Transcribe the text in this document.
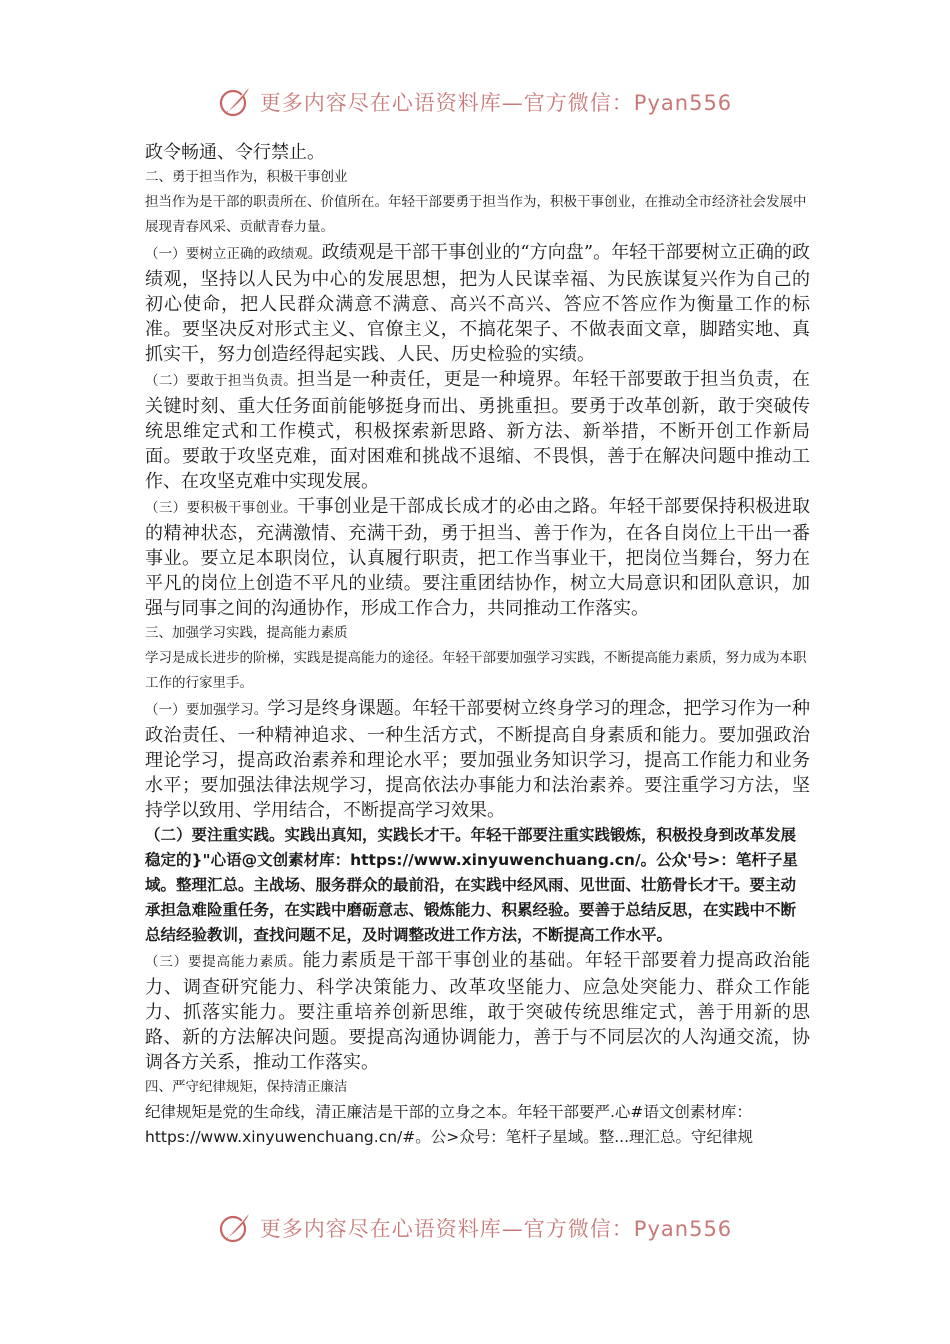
更多内容尽在心语资料库—官方微信：Pyan556

政令畅通、令行禁止。

二、勇于担当作为，积极干事创业

担当作为是干部的职责所在、价值所在。年轻干部要勇于担当作为，积极干事创业，在推动全市经济社会发展中展现青春风采、贡献青春力量。

（一）要树立正确的政绩观。政绩观是干部干事创业的“方向盘”。年轻干部要树立正确的政绩观，坚持以人民为中心的发展思想，把为人民谋幸福、为民族谋复兴作为自己的初心使命，把人民群众满意不满意、高兴不高兴、答应不答应作为衡量工作的标准。要坚决反对形式主义、官僚主义，不搞花架子、不做表面文章，脚踏实地、真抓实干，努力创造经得起实践、人民、历史检验的实绩。

（二）要敢于担当负责。担当是一种责任，更是一种境界。年轻干部要敢于担当负责，在关键时刻、重大任务面前能够挺身而出、勇挑重担。要勇于改革创新，敢于突破传统思维定式和工作模式，积极探索新思路、新方法、新举措，不断开创工作新局面。要敢于攻坚克难，面对困难和挑战不退缩、不畏惧，善于在解决问题中推动工作、在攻坚克难中实现发展。

（三）要积极干事创业。干事创业是干部成长成才的必由之路。年轻干部要保持积极进取的精神状态，充满激情、充满干劲，勇于担当、善于作为，在各自岗位上干出一番事业。要立足本职岗位，认真履行职责，把工作当事业干，把岗位当舞台，努力在平凡的岗位上创造不平凡的业绩。要注重团结协作，树立大局意识和团队意识，加强与同事之间的沟通协作，形成工作合力，共同推动工作落实。

三、加强学习实践，提高能力素质

学习是成长进步的阶梯，实践是提高能力的途径。年轻干部要加强学习实践，不断提高能力素质，努力成为本职工作的行家里手。

（一）要加强学习。学习是终身课题。年轻干部要树立终身学习的理念，把学习作为一种政治责任、一种精神追求、一种生活方式，不断提高自身素质和能力。要加强政治理论学习，提高政治素养和理论水平；要加强业务知识学习，提高工作能力和业务水平；要加强法律法规学习，提高依法办事能力和法治素养。要注重学习方法，坚持学以致用、学用结合，不断提高学习效果。

（二）要注重实践。实践出真知，实践长才干。年轻干部要注重实践锻炼，积极投身到改革发展稳定的}"心语@文创素材库：https://www.xinyuwenchuang.cn/。公众'号>：笔杆子星域。整理汇总。主战场、服务群众的最前沿，在实践中经风雨、见世面、壮筋骨长才干。要主动承担急难险重任务，在实践中磨砺意志、锻炼能力、积累经验。要善于总结反思，在实践中不断总结经验教训，查找问题不足，及时调整改进工作方法，不断提高工作水平。

（三）要提高能力素质。能力素质是干部干事创业的基础。年轻干部要着力提高政治能力、调查研究能力、科学决策能力、改革攻坚能力、应急处突能力、群众工作能力、抓落实能力。要注重培养创新思维，敢于突破传统思维定式，善于用新的思路、新的方法解决问题。要提高沟通协调能力，善于与不同层次的人沟通交流，协调各方关系，推动工作落实。

四、严守纪律规矩，保持清正廉洁

纪律规矩是党的生命线，清正廉洁是干部的立身之本。年轻干部要严.心#语文创素材库：https://www.xinyuwenchuang.cn/#。公>众号：笔杆子星域。整...理汇总。守纪律规

更多内容尽在心语资料库—官方微信：Pyan556
